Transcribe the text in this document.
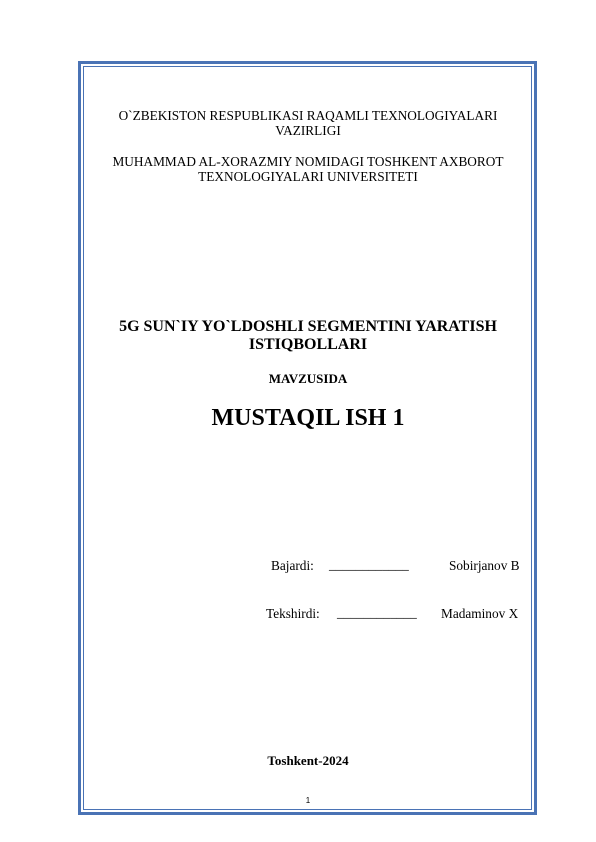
O`ZBEKISTON RESPUBLIKASI RAQAMLI TEXNOLOGIYALARI VAZIRLIGI
MUHAMMAD AL-XORAZMIY NOMIDAGI TOSHKENT AXBOROT TEXNOLOGIYALARI UNIVERSITETI
5G SUN`IY YO`LDOSHLI SEGMENTINI YARATISH ISTIQBOLLARI
MAVZUSIDA
MUSTAQIL ISH 1
Bajardi: ____________	Sobirjanov B
Tekshirdi: ____________ Madaminov X
Toshkent-2024
1
